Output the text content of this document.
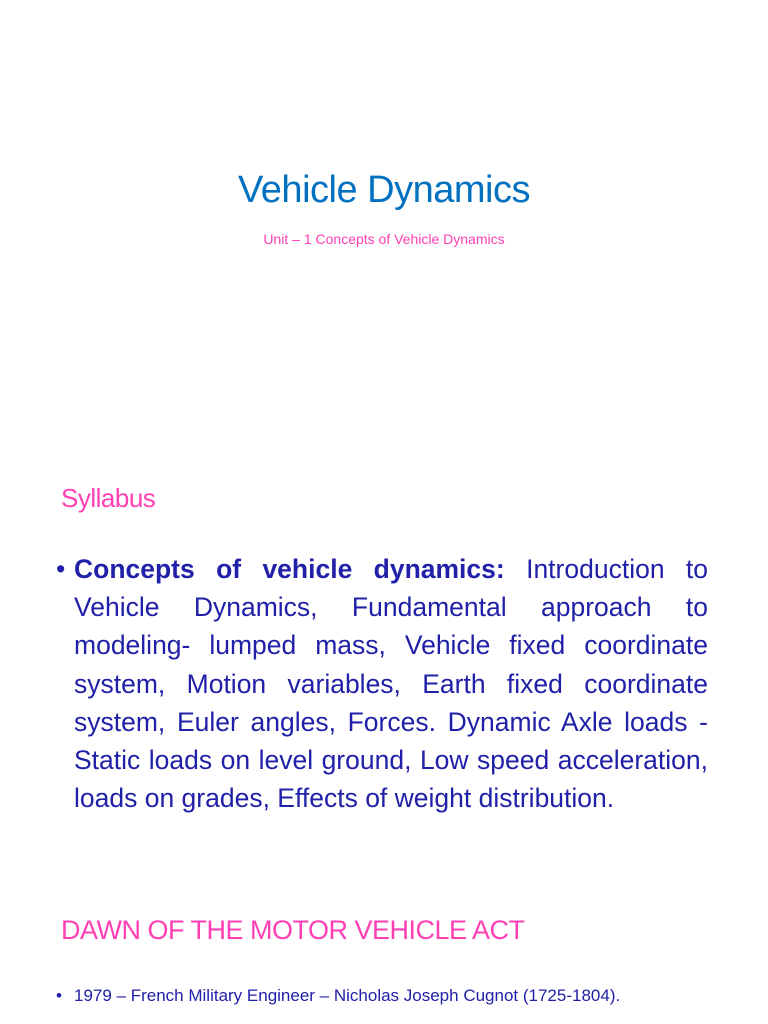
Vehicle Dynamics
Unit – 1 Concepts of Vehicle Dynamics
Syllabus
• Concepts of vehicle dynamics: Introduction to Vehicle Dynamics, Fundamental approach to modeling- lumped mass, Vehicle fixed coordinate system, Motion variables, Earth fixed coordinate system, Euler angles, Forces. Dynamic Axle loads - Static loads on level ground, Low speed acceleration, loads on grades, Effects of weight distribution.
DAWN OF THE MOTOR VEHICLE ACT
• 1979 – French Military Engineer – Nicholas Joseph Cugnot (1725-1804).
